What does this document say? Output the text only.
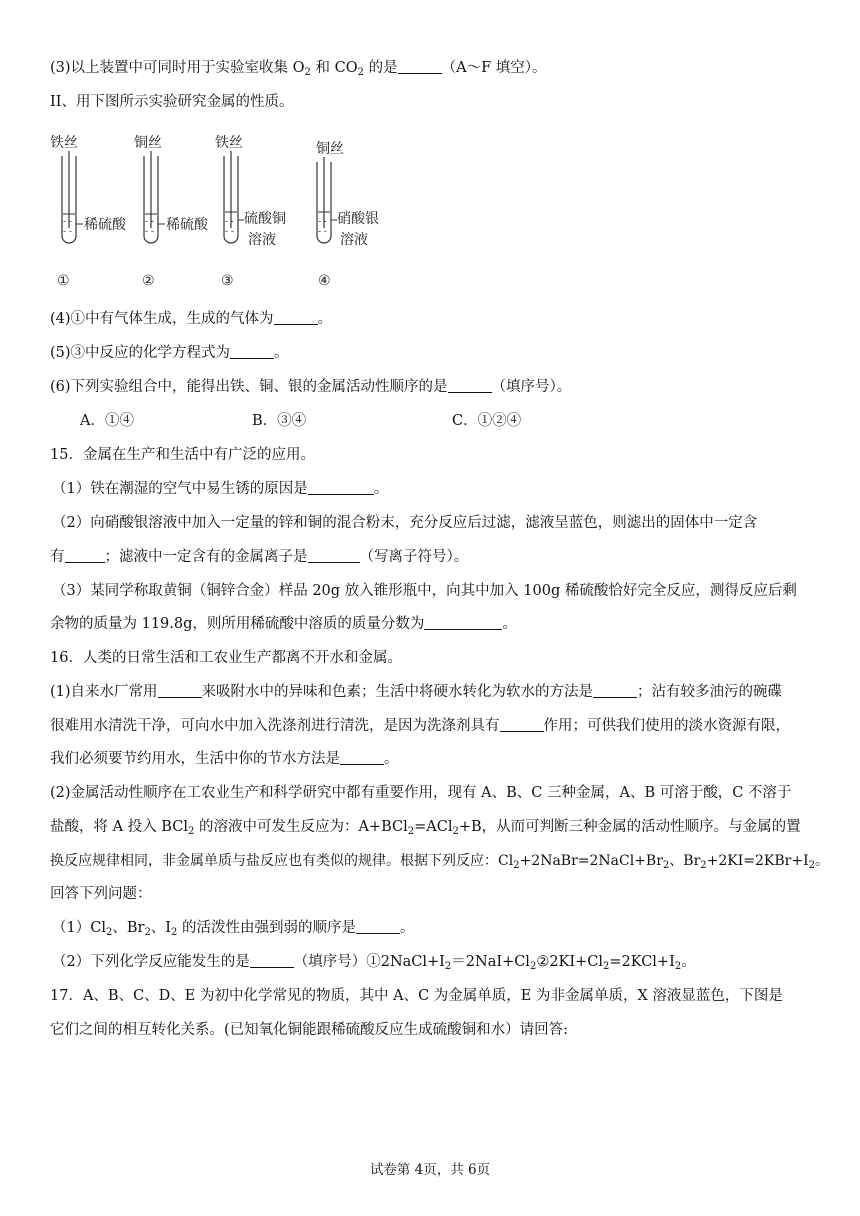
(3)以上装置中可同时用于实验室收集 $O_2$ 和 $CO_2$ 的是	（A～F 填空）。
II、用下图所示实验研究金属的性质。
铁丝
- -
- - 稀硫酸
①
铜丝
- -
- - 稀硫酸
②
铁丝
- -
- -
硫酸铜
溶液
③
铜丝
- -
- -
硝酸银
溶液
④
(4)①中有气体生成，生成的气体为	。
(5)③中反应的化学方程式为	。
(6)下列实验组合中，能得出铁、铜、银的金属活动性顺序的是	（填序号）。
A．①④	B．③④	C．①②④
15．金属在生产和生活中有广泛的应用。
（1）铁在潮湿的空气中易生锈的原因是	。
（2）向硝酸银溶液中加入一定量的锌和铜的混合粉末，充分反应后过滤，滤液呈蓝色，则滤出的固体中一定含
有	；滤液中一定含有的金属离子是	（写离子符号）。
（3）某同学称取黄铜（铜锌合金）样品 20g 放入锥形瓶中，向其中加入 100g 稀硫酸恰好完全反应，测得反应后剩
余物的质量为 119.8g，则所用稀硫酸中溶质的质量分数为	。
16．人类的日常生活和工农业生产都离不开水和金属。
(1)自来水厂常用	来吸附水中的异味和色素；生活中将硬水转化为软水的方法是	；沾有较多油污的碗碟
很难用水清洗干净，可向水中加入洗涤剂进行清洗，是因为洗涤剂具有	作用；可供我们使用的淡水资源有限，
我们必须要节约用水，生活中你的节水方法是	。
(2)金属活动性顺序在工农业生产和科学研究中都有重要作用，现有 A、B、C 三种金属，A、B 可溶于酸，C 不溶于
盐酸，将 A 投入 BCl$_2$ 的溶液中可发生反应为：A+BCl$_2$=ACl$_2$+B，从而可判断三种金属的活动性顺序。与金属的置
换反应规律相同，非金属单质与盐反应也有类似的规律。根据下列反应：$Cl_2+2NaBr=2NaCl+Br_2$、$Br_2+2KI=2KBr+I_2$。
回答下列问题：
$(1)Cl_2$、$Br_2$、$I_2$ 的活泼性由强到弱的顺序是	。
（2）下列化学反应能发生的是	（填序号）$①2NaCl+I_2=2NaI+Cl_2②2KI+Cl_2=2KCl+I_2$。
17．A、B、C、D、E 为初中化学常见的物质，其中 A、C 为金属单质，E 为非金属单质，X 溶液显蓝色，下图是
它们之间的相互转化关系。(已知氧化铜能跟稀硫酸反应生成硫酸铜和水）请回答:
试卷第 4页，共 6页
